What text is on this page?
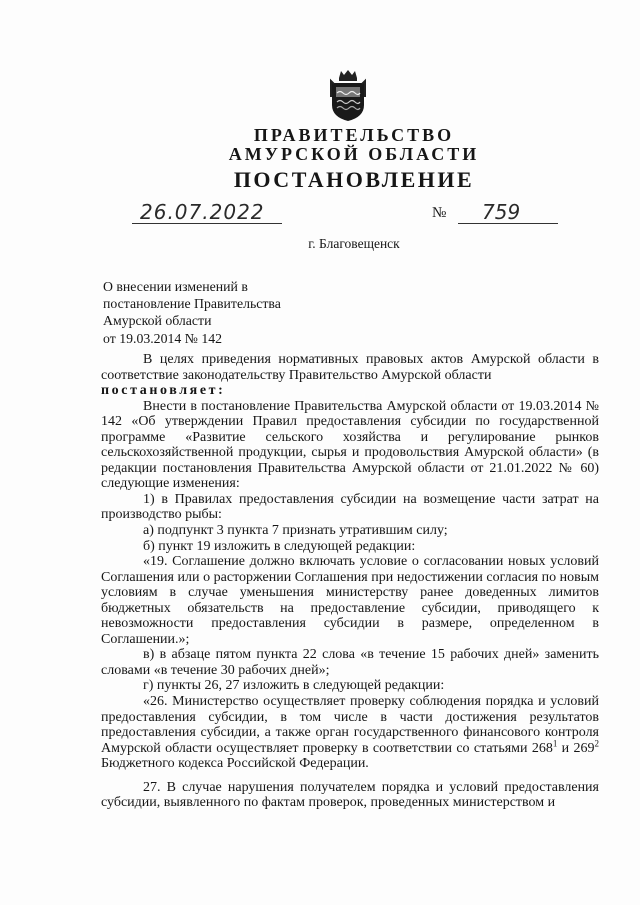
ПРАВИТЕЛЬСТВО
АМУРСКОЙ ОБЛАСТИ
ПОСТАНОВЛЕНИЕ
26.07.2022	№ 759
г. Благовещенск
О внесении изменений в
постановление Правительства
Амурской области
от 19.03.2014 № 142

В целях приведения нормативных правовых актов Амурской области в соответствие законодательству Правительство Амурской области

постановляет:

Внести в постановление Правительства Амурской области от 19.03.2014 № 142 «Об утверждении Правил предоставления субсидии по государственной программе «Развитие сельского хозяйства и регулирование рынков сельскохозяйственной продукции, сырья и продовольствия Амурской области» (в редакции постановления Правительства Амурской области от 21.01.2022 № 60) следующие изменения:

1) в Правилах предоставления субсидии на возмещение части затрат на производство рыбы:

а) подпункт 3 пункта 7 признать утратившим силу;

б) пункт 19 изложить в следующей редакции:

«19. Соглашение должно включать условие о согласовании новых условий Соглашения или о расторжении Соглашения при недостижении согласия по новым условиям в случае уменьшения министерству ранее доведенных лимитов бюджетных обязательств на предоставление субсидии, приводящего к невозможности предоставления субсидии в размере, определенном в Соглашении.»;

в) в абзаце пятом пункта 22 слова «в течение 15 рабочих дней» заменить словами «в течение 30 рабочих дней»;

г) пункты 26, 27 изложить в следующей редакции:

«26. Министерство осуществляет проверку соблюдения порядка и условий предоставления субсидии, в том числе в части достижения результатов предоставления субсидии, а также орган государственного финансового контроля Амурской области осуществляет проверку в соответствии со статьями $268^1$ и $269^2$ Бюджетного кодекса Российской Федерации.

27. В случае нарушения получателем порядка и условий предоставления субсидии, выявленного по фактам проверок, проведенных министерством и
